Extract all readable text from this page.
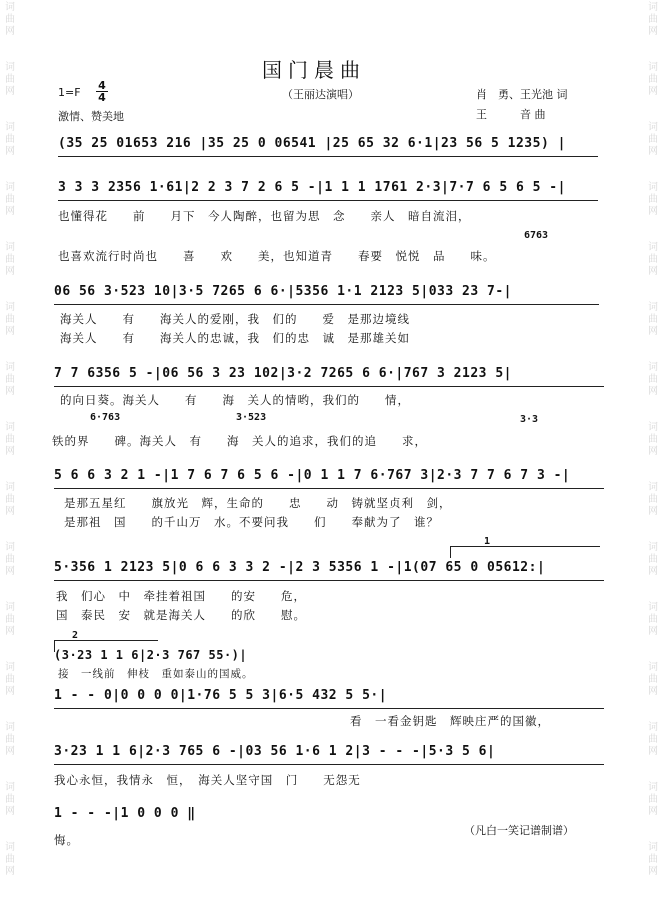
词曲网
词曲网
词曲网
词曲网
词曲网
词曲网
词曲网
词曲网
词曲网
词曲网
词曲网
词曲网
词曲网
词曲网
词曲网
词曲网
词曲网
词曲网
词曲网
词曲网
词曲网
词曲网
词曲网
词曲网
词曲网
词曲网
词曲网
词曲网
词曲网
词曲网
国门晨曲
（王丽达演唱）
1=F
4
4
激情、赞美地
肖　勇、王光池 词
王　　　音 曲
(35 25 01653 216 |35 25 0 06541 |25 65 32 6·1|23 56 5 1235) |
3 3 3 2356 1·61|2 2 3 7 2 6 5 -|1 1 1 1761 2·3|7·7 6 5 6 5 -|
也懂得花　　前　　月下　今人陶醉，也留为思　念　　亲人　暗自流泪，
6763
也喜欢流行时尚也　　喜　　欢　　美，也知道青　　春要　悦悦　品　　味。
06 56 3·523 10|3·5 7265 6 6·|5356 1·1 2123 5|033 23 7-|
海关人　　有　　海关人的爱刚，我　们的　　爱　是那边境线
海关人　　有　　海关人的忠诚，我　们的忠　诚　是那雄关如
7 7 6356 5 -|06 56 3 23 102|3·2 7265 6 6·|767 3 2123 5|
的向日葵。海关人　　有　　海　关人的情哟，我们的　　情，
6·763	3·523	3·3
铁的界　　碑。海关人　有　　海　关人的追求，我们的追　　求，
5 6 6 3 2 1 -|1 7 6 7 6 5 6 -|0 1 1 7 6·767 3|2·3 7 7 6 7 3 -|
是那五星红　　旗放光　辉，生命的　　忠　　动　铸就坚贞利　剑，
是那祖　国　　的千山万　水。不要问我　　们　　奉献为了　谁？
1
5·356 1 2123 5|0 6 6 3 3 2 -|2 3 5356 1 -|1(07 65 0 05612:|
我　们心　中　牵挂着祖国　　的安　　危，
国　泰民　安　就是海关人　　的欣　　慰。
2
(3·23 1 1 6|2·3 767 55·)|
接　一线前　伸枝　重如泰山的国威。
1 - - 0|0 0 0 0|1·76 5 5 3|6·5 432 5 5·|
看　一看金钥匙　辉映庄严的国徽，
3·23 1 1 6|2·3 765 6 -|03 56 1·6 1 2|3 - - -|5·3 5 6|
我心永恒，我情永　恒，　海关人坚守国　门　　无怨无
1 - - -|1 0 0 0 ‖
悔。
（凡白一笑记谱制谱）
